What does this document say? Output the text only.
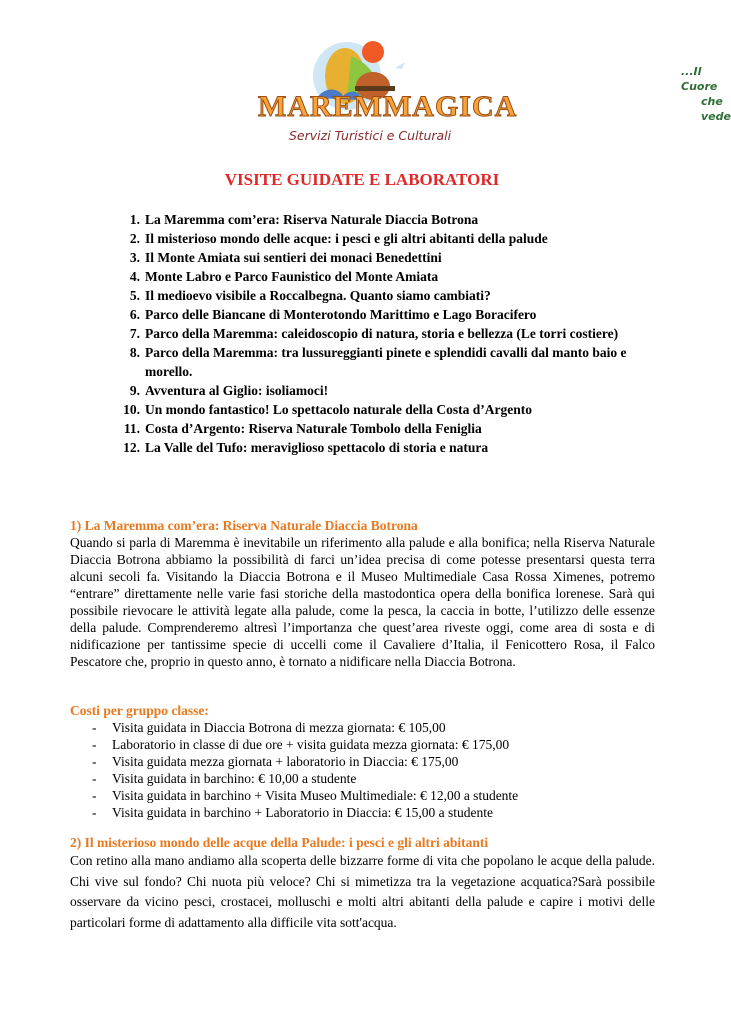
...Il Cuore
che vede
MAREMMAGICA
Servizi Turistici e Culturali
VISITE GUIDATE E LABORATORI
1. La Maremma com’era: Riserva Naturale Diaccia Botrona
2. Il misterioso mondo delle acque: i pesci e gli altri abitanti della palude
3. Il Monte Amiata sui sentieri dei monaci Benedettini
4. Monte Labro e Parco Faunistico del Monte Amiata
5. Il medioevo visibile a Roccalbegna. Quanto siamo cambiati?
6. Parco delle Biancane di Monterotondo Marittimo e Lago Boracifero
7. Parco della Maremma: caleidoscopio di natura, storia e bellezza (Le torri costiere)
8. Parco della Maremma: tra lussureggianti pinete e splendidi cavalli dal manto baio e morello.
9. Avventura al Giglio: isoliamoci!
10. Un mondo fantastico! Lo spettacolo naturale della Costa d’Argento
11. Costa d’Argento: Riserva Naturale Tombolo della Feniglia
12. La Valle del Tufo: meraviglioso spettacolo di storia e natura
1) La Maremma com’era: Riserva Naturale Diaccia Botrona
Quando si parla di Maremma è inevitabile un riferimento alla palude e alla bonifica; nella Riserva Naturale Diaccia Botrona abbiamo la possibilità di farci un’idea precisa di come potesse presentarsi questa terra alcuni secoli fa. Visitando la Diaccia Botrona e il Museo Multimediale Casa Rossa Ximenes, potremo “entrare” direttamente nelle varie fasi storiche della mastodontica opera della bonifica lorenese. Sarà qui possibile rievocare le attività legate alla palude, come la pesca, la caccia in botte, l’utilizzo delle essenze della palude. Comprenderemo altresì l’importanza che quest’area riveste oggi, come area di sosta e di nidificazione per tantissime specie di uccelli come il Cavaliere d’Italia, il Fenicottero Rosa, il Falco Pescatore che, proprio in questo anno, è tornato a nidificare nella Diaccia Botrona.
Costi per gruppo classe:
- Visita guidata in Diaccia Botrona di mezza giornata: € 105,00
- Laboratorio in classe di due ore + visita guidata mezza giornata: € 175,00
- Visita guidata mezza giornata + laboratorio in Diaccia: € 175,00
- Visita guidata in barchino: € 10,00 a studente
- Visita guidata in barchino + Visita Museo Multimediale: € 12,00 a studente
- Visita guidata in barchino + Laboratorio in Diaccia: € 15,00 a studente
2) Il misterioso mondo delle acque della Palude: i pesci e gli altri abitanti
Con retino alla mano andiamo alla scoperta delle bizzarre forme di vita che popolano le acque della palude. Chi vive sul fondo? Chi nuota più veloce? Chi si mimetizza tra la vegetazione acquatica?Sarà possibile osservare da vicino pesci, crostacei, molluschi e molti altri abitanti della palude e capire i motivi delle particolari forme di adattamento alla difficile vita sott'acqua.
